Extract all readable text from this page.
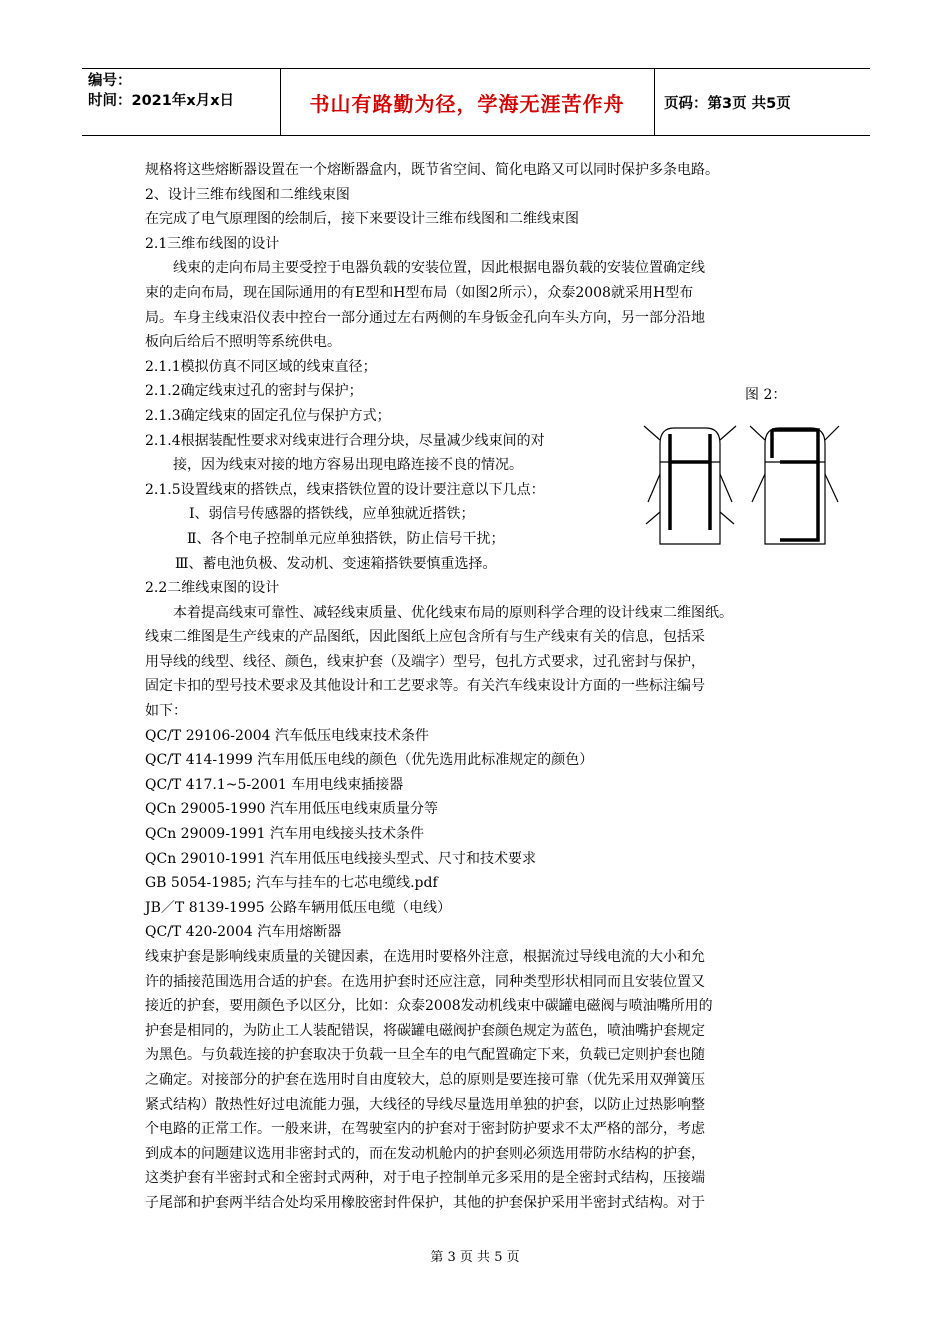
编号：
时间：2021年x月x日	书山有路勤为径，学海无涯苦作舟	页码：第3页 共5页
规格将这些熔断器设置在一个熔断器盒内，既节省空间、简化电路又可以同时保护多条电路。
2、设计三维布线图和二维线束图
在完成了电气原理图的绘制后，接下来要设计三维布线图和二维线束图
2.1三维布线图的设计
线束的走向布局主要受控于电器负载的安装位置，因此根据电器负载的安装位置确定线
束的走向布局，现在国际通用的有E型和H型布局（如图2所示），众泰2008就采用H型布
局。车身主线束沿仪表中控台一部分通过左右两侧的车身钣金孔向车头方向，另一部分沿地
板向后给后不照明等系统供电。
2.1.1模拟仿真不同区域的线束直径；
2.1.2确定线束过孔的密封与保护；
2.1.3确定线束的固定孔位与保护方式；
2.1.4根据装配性要求对线束进行合理分块，尽量减少线束间的对
接，因为线束对接的地方容易出现电路连接不良的情况。
2.1.5设置线束的搭铁点，线束搭铁位置的设计要注意以下几点：
Ⅰ、弱信号传感器的搭铁线，应单独就近搭铁；
Ⅱ、各个电子控制单元应单独搭铁，防止信号干扰；
Ⅲ、蓄电池负极、发动机、变速箱搭铁要慎重选择。
2.2二维线束图的设计
本着提高线束可靠性、减轻线束质量、优化线束布局的原则科学合理的设计线束二维图纸。
线束二维图是生产线束的产品图纸，因此图纸上应包含所有与生产线束有关的信息，包括采
用导线的线型、线径、颜色，线束护套（及端字）型号，包扎方式要求，过孔密封与保护，
固定卡扣的型号技术要求及其他设计和工艺要求等。有关汽车线束设计方面的一些标注编号
如下：
QC/T 29106-2004 汽车低压电线束技术条件
QC/T 414-1999 汽车用低压电线的颜色（优先选用此标准规定的颜色）
QC/T 417.1~5-2001 车用电线束插接器
QCn 29005-1990 汽车用低压电线束质量分等
QCn 29009-1991 汽车用电线接头技术条件
QCn 29010-1991 汽车用低压电线接头型式、尺寸和技术要求
GB 5054-1985; 汽车与挂车的七芯电缆线.pdf
JB／T 8139-1995 公路车辆用低压电缆（电线）
QC/T 420-2004 汽车用熔断器
线束护套是影响线束质量的关键因素，在选用时要格外注意，根据流过导线电流的大小和允
许的插接范围选用合适的护套。在选用护套时还应注意，同种类型形状相同而且安装位置又
接近的护套，要用颜色予以区分，比如：众泰2008发动机线束中碳罐电磁阀与喷油嘴所用的
护套是相同的，为防止工人装配错误，将碳罐电磁阀护套颜色规定为蓝色，喷油嘴护套规定
为黑色。与负载连接的护套取决于负载一旦全车的电气配置确定下来，负载已定则护套也随
之确定。对接部分的护套在选用时自由度较大，总的原则是要连接可靠（优先采用双弹簧压
紧式结构）散热性好过电流能力强，大线径的导线尽量选用单独的护套，以防止过热影响整
个电路的正常工作。一般来讲，在驾驶室内的护套对于密封防护要求不太严格的部分，考虑
到成本的问题建议选用非密封式的，而在发动机舱内的护套则必须选用带防水结构的护套，
这类护套有半密封式和全密封式两种，对于电子控制单元多采用的是全密封式结构，压接端
子尾部和护套两半结合处均采用橡胶密封件保护，其他的护套保护采用半密封式结构。对于
图 2：
第 3 页 共 5 页
